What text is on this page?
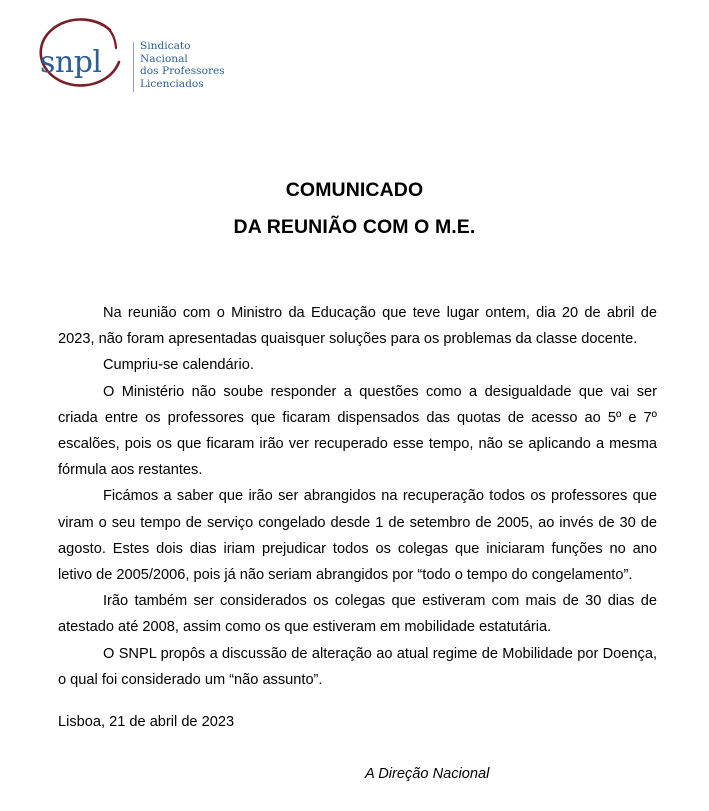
snpl	Sindicato
Nacional
dos Professores
Licenciados
COMUNICADO
DA REUNIÃO COM O M.E.

Na reunião com o Ministro da Educação que teve lugar ontem, dia 20 de abril de 2023, não foram apresentadas quaisquer soluções para os problemas da classe docente.

Cumpriu-se calendário.

O Ministério não soube responder a questões como a desigualdade que vai ser criada entre os professores que ficaram dispensados das quotas de acesso ao 5º e 7º escalões, pois os que ficaram irão ver recuperado esse tempo, não se aplicando a mesma fórmula aos restantes.

Ficámos a saber que irão ser abrangidos na recuperação todos os professores que viram o seu tempo de serviço congelado desde 1 de setembro de 2005, ao invés de 30 de agosto. Estes dois dias iriam prejudicar todos os colegas que iniciaram funções no ano letivo de 2005/2006, pois já não seriam abrangidos por “todo o tempo do congelamento”.

Irão também ser considerados os colegas que estiveram com mais de 30 dias de atestado até 2008, assim como os que estiveram em mobilidade estatutária.

O SNPL propôs a discussão de alteração ao atual regime de Mobilidade por Doença, o qual foi considerado um “não assunto”.

Lisboa, 21 de abril de 2023
A Direção Nacional
